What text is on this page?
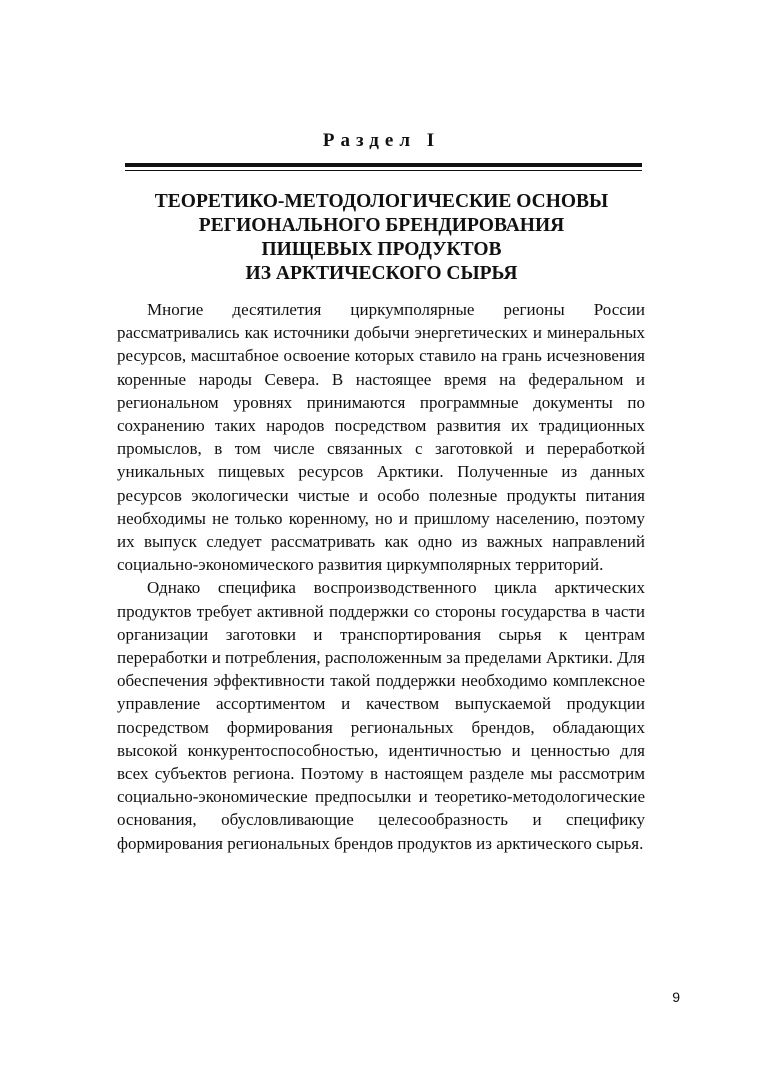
Раздел I
ТЕОРЕТИКО-МЕТОДОЛОГИЧЕСКИЕ ОСНОВЫ
РЕГИОНАЛЬНОГО БРЕНДИРОВАНИЯ
ПИЩЕВЫХ ПРОДУКТОВ
ИЗ АРКТИЧЕСКОГО СЫРЬЯ

Многие десятилетия циркумполярные регионы России рассматривались как источники добычи энергетических и минеральных ресурсов, масштабное освоение которых ставило на грань исчезновения коренные народы Севера. В настоящее время на федеральном и региональном уровнях принимаются программные документы по сохранению таких народов посредством развития их традиционных промыслов, в том числе связанных с заготовкой и переработкой уникальных пищевых ресурсов Арктики. Полученные из данных ресурсов экологически чистые и особо полезные продукты питания необходимы не только коренному, но и пришлому населению, поэтому их выпуск следует рассматривать как одно из важных направлений социально-экономического развития циркумполярных территорий.

Однако специфика воспроизводственного цикла арктических продуктов требует активной поддержки со стороны государства в части организации заготовки и транспортирования сырья к центрам переработки и потребления, расположенным за пределами Арктики. Для обеспечения эффективности такой поддержки необходимо комплексное управление ассортиментом и качеством выпускаемой продукции посредством формирования региональных брендов, обладающих высокой конкурентоспособностью, идентичностью и ценностью для всех субъектов региона. Поэтому в настоящем разделе мы рассмотрим социально-экономические предпосылки и теоретико-методологические основания, обусловливающие целесообразность и специфику формирования региональных брендов продуктов из арктического сырья.

9
